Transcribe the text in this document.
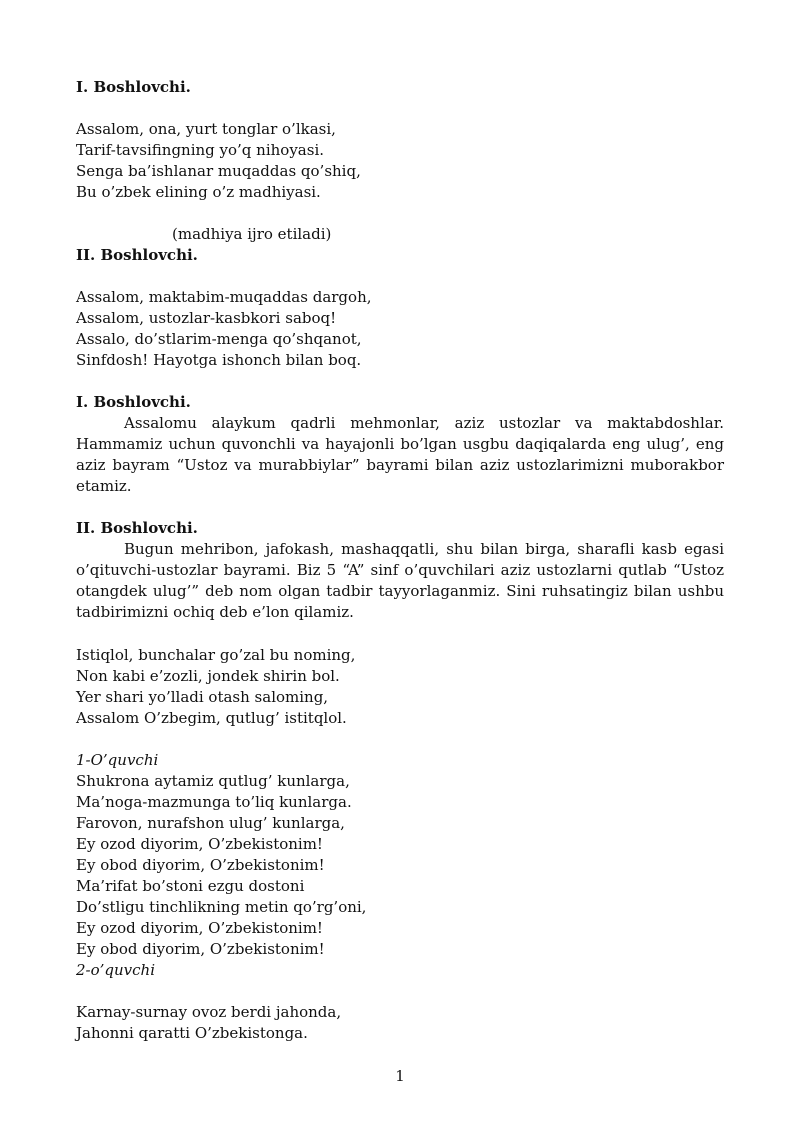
I. Boshlovchi.
Assalom, ona, yurt tonglar o’lkasi,
Tarif-tavsifingning yo’q nihoyasi.
Senga ba’ishlanar muqaddas qo’shiq,
Bu o’zbek elining o’z madhiyasi.
(madhiya ijro etiladi)
II. Boshlovchi.
Assalom, maktabim-muqaddas dargoh,
Assalom, ustozlar-kasbkori saboq!
Assalo, do’stlarim-menga qo’shqanot,
Sinfdosh! Hayotga ishonch bilan boq.
I. Boshlovchi.
Assalomu alaykum qadrli mehmonlar, aziz ustozlar va maktabdoshlar. Hammamiz uchun quvonchli va hayajonli bo’lgan usgbu daqiqalarda eng ulug’, eng aziz bayram “Ustoz va murabbiylar” bayrami bilan aziz ustozlarimizni muborakbor etamiz.
II. Boshlovchi.
Bugun mehribon, jafokash, mashaqqatli, shu bilan birga, sharafli kasb egasi o’qituvchi-ustozlar bayrami. Biz 5 “A” sinf o’quvchilari aziz ustozlarni qutlab “Ustoz otangdek ulug’” deb nom olgan tadbir tayyorlaganmiz. Sini ruhsatingiz bilan ushbu tadbirimizni ochiq deb e’lon qilamiz.
Istiqlol, bunchalar go’zal bu noming,
Non kabi e’zozli, jondek shirin bol.
Yer shari yo’lladi otash saloming,
Assalom O’zbegim, qutlug’ istitqlol.
1-O’quvchi
Shukrona aytamiz qutlug’ kunlarga,
Ma’noga-mazmunga to’liq kunlarga.
Farovon, nurafshon ulug’ kunlarga,
Ey ozod diyorim, O’zbekistonim!
Ey obod diyorim, O’zbekistonim!
Ma’rifat bo’stoni ezgu dostoni
Do’stligu tinchlikning metin qo’rg’oni,
Ey ozod diyorim, O’zbekistonim!
Ey obod diyorim, O’zbekistonim!
2-o’quvchi
Karnay-surnay ovoz berdi jahonda,
Jahonni qaratti O’zbekistonga.
1
